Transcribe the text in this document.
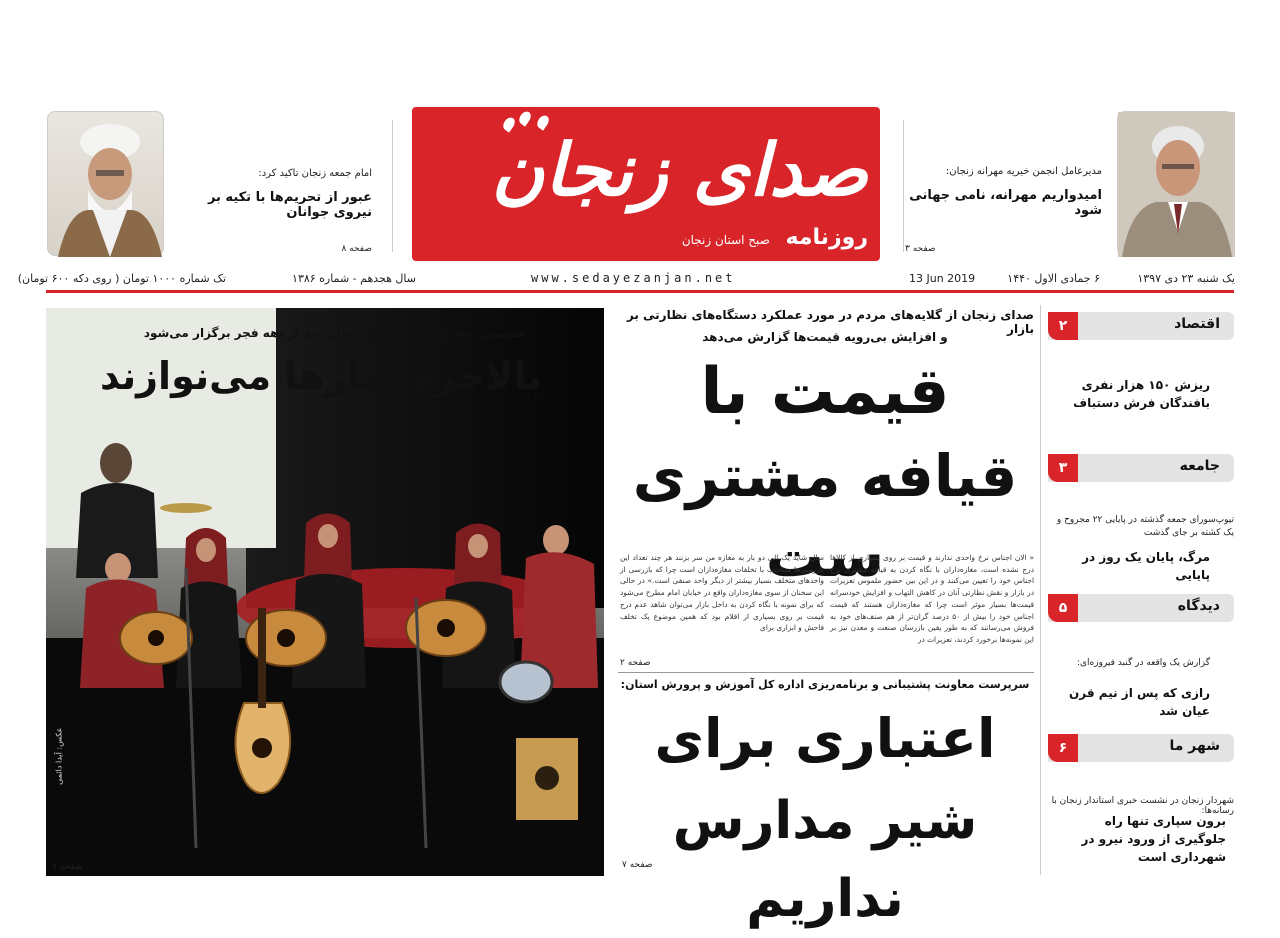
امام جمعه زنجان تاکید کرد:
عبور از تحریم‌ها با تکیه بر نیروی جوانان
صفحه ۸
صدای زنجان
روزنامه صبح استان زنجان
مدیرعامل انجمن خیریه مهرانه زنجان:
امیدواریم مهرانه، نامی جهانی شود
صفحه ۳
تک شماره ۱۰۰۰ تومان ( روی دکه ۶۰۰ تومان)	سال هجدهم - شماره ۱۳۸۶	www.sedayezanjan.net	13 Jun 2019	۶ جمادی الاول ۱۴۴۰	یک شنبه ۲۳ دی ۱۳۹۷
اقتصاد
۲
ریزش ۱۵۰ هزار نفری بافندگان فرش دستباف
جامعه
۳
تیوپ‌سورای جمعه گذشته در پایایی ۲۲ مجروح و یک کشته بر جای گذشت
مرگ، پایان یک روز در پایایی
دیدگاه
۵
گزارش یک واقعه در گنبد فیروزه‌ای:
رازی که پس از نیم قرن عیان شد
شهر ما
۶
شهردار زنجان در نشست خبری استاندار زنجان با رسانه‌ها:
برون سپاری تنها راه جلوگیری از ورود نیرو در شهرداری است
صدای زنجان از گلایه‌های مردم در مورد عملکرد دستگاه‌های نظارتی بر بازار
و افزایش بی‌رویه قیمت‌ها گزارش می‌دهد
قیمت با
قیافه مشتری ست
« الان اجناس نرخ واحدی ندارند و قیمت بر روی بسیاری از کالاها درج نشده است، مغازه‌داران با نگاه کردن به قیافه مشتری نرخ اجناس خود را تعیین می‌کنند و در این بین حضور ملموس تعزیرات در بازار و نقش نظارتی آنان در کاهش التهاب و افزایش خودسرانه قیمت‌ها بسیار موثر است چرا که مغازه‌داران هستند که قیمت اجناس خود را بیش از ۵۰ درصد گران‌تر از هم صنف‌های خود به فروش می‌رسانند که به طور یقین بازرسان صنعت و معدن نیز بر این نمونه‌ها برخورد کردند، تعزیرات در
سال شاید یک الی دو بار به مغازه من سر بزنند هر چند تعداد این بازرسی‌ها متناسب با تخلفات مغازه‌داران است چرا که بازرسی از واحدهای متخلف بسیار بیشتر از دیگر واحد صنفی است.» در حالی این سخنان از سوی مغازه‌داران واقع در خیابان امام مطرح می‌شود که برای نمونه با نگاه کردن به داخل بازار می‌توان شاهد عدم درج قیمت بر روی بسیاری از اقلام بود که همین موضوع یک تخلف فاحش و ابزاری برای
صفحه ۲
سرپرست معاونت پشتیبانی و برنامه‌ریزی اداره کل آموزش و پرورش استان:
اعتباری برای
شیر مدارس نداریم
صفحه ۷
ششمین جشنواره موسیقی استان بعد از دهه فجر برگزار می‌شود
بالاخره سازها می‌نوازند
عکس: آیدا دائمی
صفحه ۷
